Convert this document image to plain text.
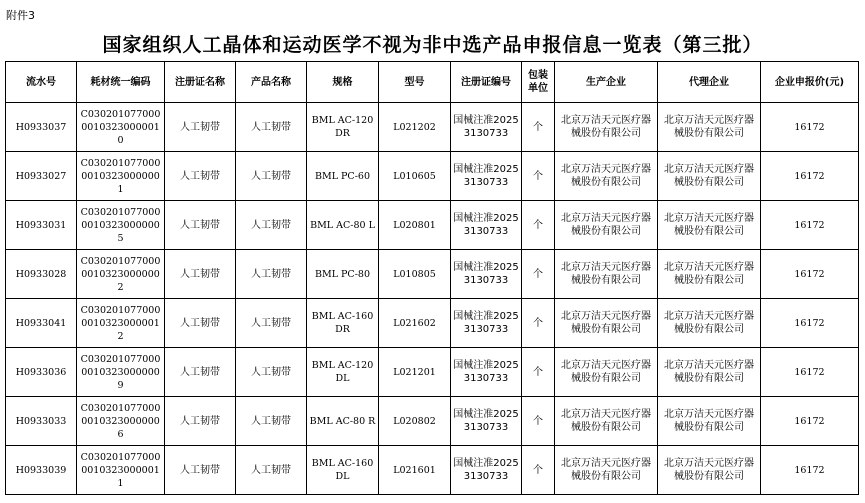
附件3
国家组织人工晶体和运动医学不视为非中选产品申报信息一览表（第三批）
流水号	耗材统一编码	注册证名称	产品名称	规格	型号	注册证编号	包装单位	生产企业	代理企业	企业申报价(元)
H0933037	C03020107700000103230000010	人工韧带	人工韧带	BML AC-120 DR	L021202	国械注准20253130733	个	北京万洁天元医疗器械股份有限公司	北京万洁天元医疗器械股份有限公司	16172
H0933027	C03020107700000103230000001	人工韧带	人工韧带	BML PC-60	L010605	国械注准20253130733	个	北京万洁天元医疗器械股份有限公司	北京万洁天元医疗器械股份有限公司	16172
H0933031	C03020107700000103230000005	人工韧带	人工韧带	BML AC-80 L	L020801	国械注准20253130733	个	北京万洁天元医疗器械股份有限公司	北京万洁天元医疗器械股份有限公司	16172
H0933028	C03020107700000103230000002	人工韧带	人工韧带	BML PC-80	L010805	国械注准20253130733	个	北京万洁天元医疗器械股份有限公司	北京万洁天元医疗器械股份有限公司	16172
H0933041	C03020107700000103230000012	人工韧带	人工韧带	BML AC-160 DR	L021602	国械注准20253130733	个	北京万洁天元医疗器械股份有限公司	北京万洁天元医疗器械股份有限公司	16172
H0933036	C03020107700000103230000009	人工韧带	人工韧带	BML AC-120 DL	L021201	国械注准20253130733	个	北京万洁天元医疗器械股份有限公司	北京万洁天元医疗器械股份有限公司	16172
H0933033	C03020107700000103230000006	人工韧带	人工韧带	BML AC-80 R	L020802	国械注准20253130733	个	北京万洁天元医疗器械股份有限公司	北京万洁天元医疗器械股份有限公司	16172
H0933039	C03020107700000103230000011	人工韧带	人工韧带	BML AC-160 DL	L021601	国械注准20253130733	个	北京万洁天元医疗器械股份有限公司	北京万洁天元医疗器械股份有限公司	16172
